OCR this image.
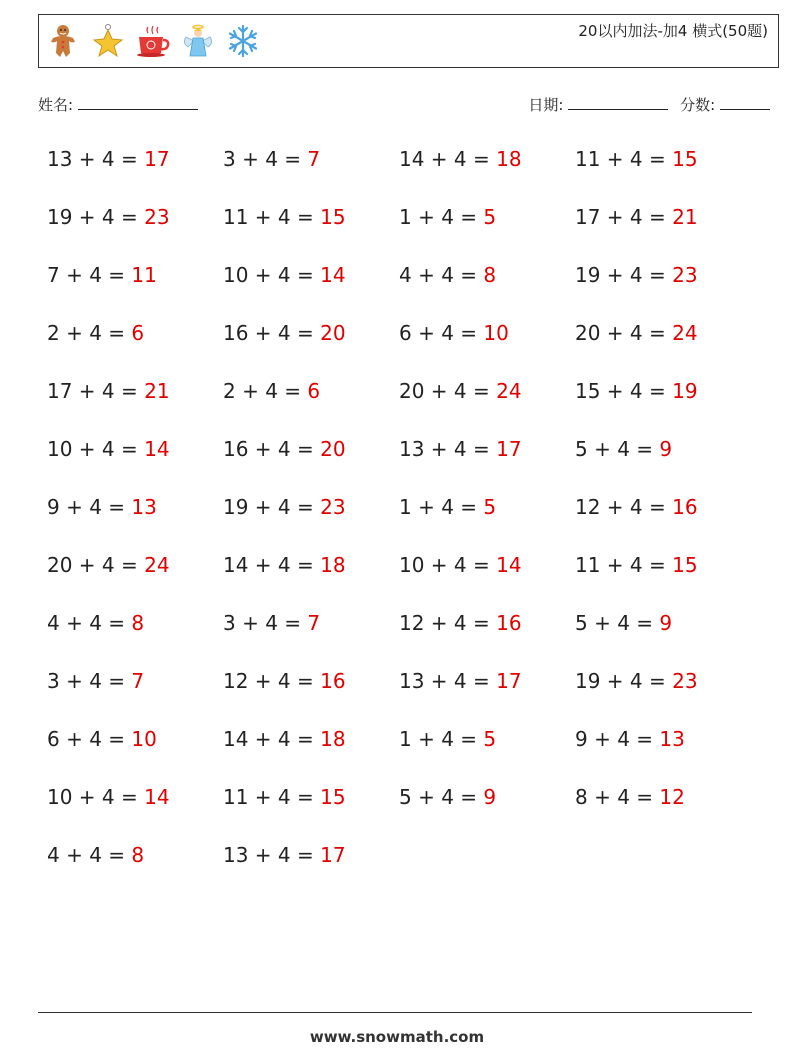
20以内加法-加4 横式(50题)
姓名:	日期:	分数:
13 + 4 = 17	3 + 4 = 7	14 + 4 = 18	11 + 4 = 15
19 + 4 = 23	11 + 4 = 15	1 + 4 = 5	17 + 4 = 21
7 + 4 = 11	10 + 4 = 14	4 + 4 = 8	19 + 4 = 23
2 + 4 = 6	16 + 4 = 20	6 + 4 = 10	20 + 4 = 24
17 + 4 = 21	2 + 4 = 6	20 + 4 = 24	15 + 4 = 19
10 + 4 = 14	16 + 4 = 20	13 + 4 = 17	5 + 4 = 9
9 + 4 = 13	19 + 4 = 23	1 + 4 = 5	12 + 4 = 16
20 + 4 = 24	14 + 4 = 18	10 + 4 = 14	11 + 4 = 15
4 + 4 = 8	3 + 4 = 7	12 + 4 = 16	5 + 4 = 9
3 + 4 = 7	12 + 4 = 16	13 + 4 = 17	19 + 4 = 23
6 + 4 = 10	14 + 4 = 18	1 + 4 = 5	9 + 4 = 13
10 + 4 = 14	11 + 4 = 15	5 + 4 = 9	8 + 4 = 12
4 + 4 = 8	13 + 4 = 17
www.snowmath.com
